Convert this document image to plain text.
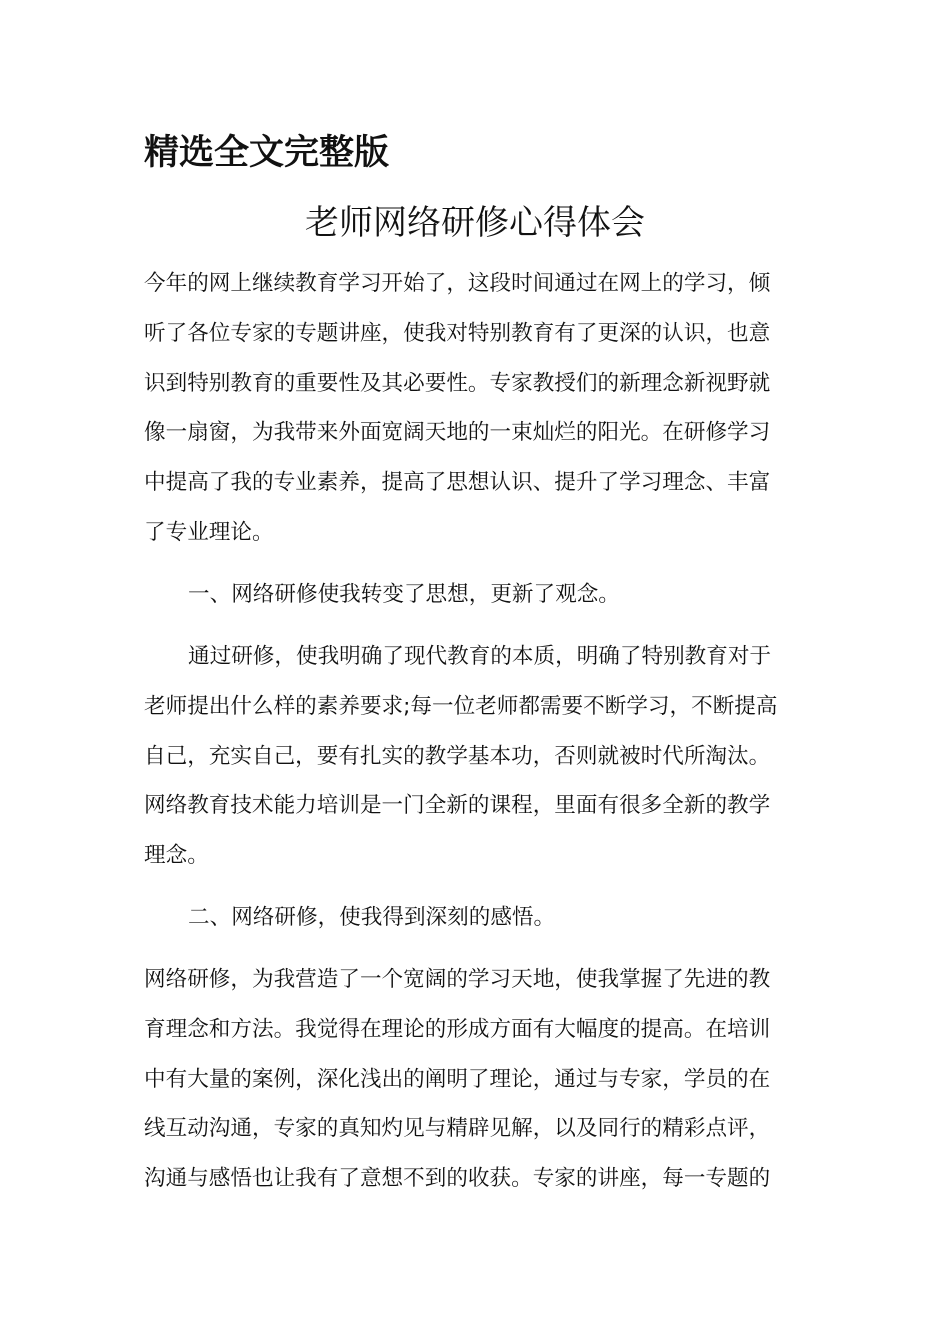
精选全文完整版
老师网络研修心得体会
今年的网上继续教育学习开始了，这段时间通过在网上的学习，倾
听了各位专家的专题讲座，使我对特别教育有了更深的认识，也意
识到特别教育的重要性及其必要性。专家教授们的新理念新视野就
像一扇窗，为我带来外面宽阔天地的一束灿烂的阳光。在研修学习
中提高了我的专业素养，提高了思想认识、提升了学习理念、丰富
了专业理论。
一、网络研修使我转变了思想，更新了观念。
通过研修，使我明确了现代教育的本质，明确了特别教育对于
老师提出什么样的素养要求;每一位老师都需要不断学习，不断提高
自己，充实自己，要有扎实的教学基本功，否则就被时代所淘汰。
网络教育技术能力培训是一门全新的课程，里面有很多全新的教学
理念。
二、网络研修，使我得到深刻的感悟。
网络研修，为我营造了一个宽阔的学习天地，使我掌握了先进的教
育理念和方法。我觉得在理论的形成方面有大幅度的提高。在培训
中有大量的案例，深化浅出的阐明了理论，通过与专家，学员的在
线互动沟通，专家的真知灼见与精辟见解，以及同行的精彩点评，
沟通与感悟也让我有了意想不到的收获。专家的讲座，每一专题的
